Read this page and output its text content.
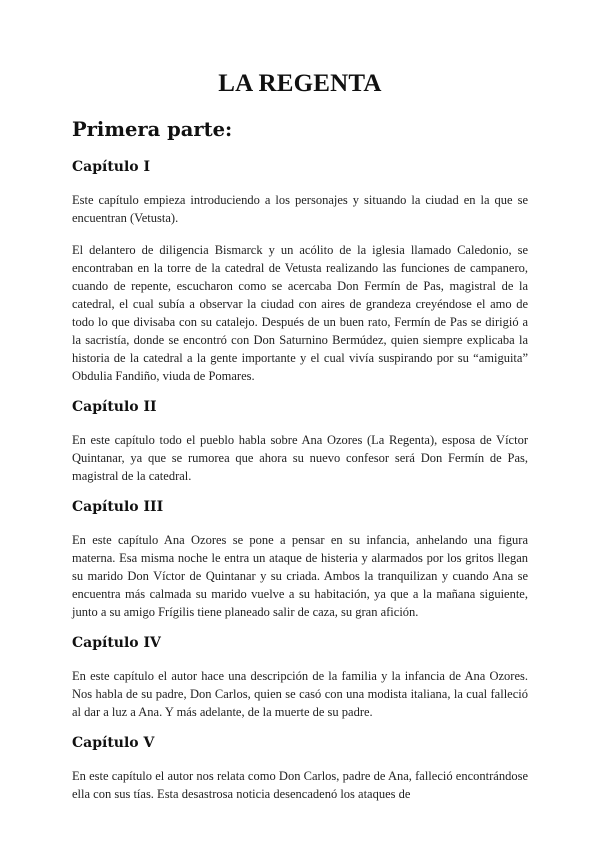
LA REGENTA
Primera parte:
Capítulo I

Este capítulo empieza introduciendo a los personajes y situando la ciudad en la que se encuentran (Vetusta).

El delantero de diligencia Bismarck y un acólito de la iglesia llamado Caledonio, se encontraban en la torre de la catedral de Vetusta realizando las funciones de campanero, cuando de repente, escucharon como se acercaba Don Fermín de Pas, magistral de la catedral, el cual subía a observar la ciudad con aires de grandeza creyéndose el amo de todo lo que divisaba con su catalejo. Después de un buen rato, Fermín de Pas se dirigió a la sacristía, donde se encontró con Don Saturnino Bermúdez, quien siempre explicaba la historia de la catedral a la gente importante y el cual vivía suspirando por su “amiguita” Obdulia Fandiño, viuda de Pomares.

Capítulo II

En este capítulo todo el pueblo habla sobre Ana Ozores (La Regenta), esposa de Víctor Quintanar, ya que se rumorea que ahora su nuevo confesor será Don Fermín de Pas, magistral de la catedral.

Capítulo III

En este capítulo Ana Ozores se pone a pensar en su infancia, anhelando una figura materna. Esa misma noche le entra un ataque de histeria y alarmados por los gritos llegan su marido Don Víctor de Quintanar y su criada. Ambos la tranquilizan y cuando Ana se encuentra más calmada su marido vuelve a su habitación, ya que a la mañana siguiente, junto a su amigo Frígilis tiene planeado salir de caza, su gran afición.

Capítulo IV

En este capítulo el autor hace una descripción de la familia y la infancia de Ana Ozores. Nos habla de su padre, Don Carlos, quien se casó con una modista italiana, la cual falleció al dar a luz a Ana. Y más adelante, de la muerte de su padre.

Capítulo V

En este capítulo el autor nos relata como Don Carlos, padre de Ana, falleció encontrándose ella con sus tías. Esta desastrosa noticia desencadenó los ataques de
